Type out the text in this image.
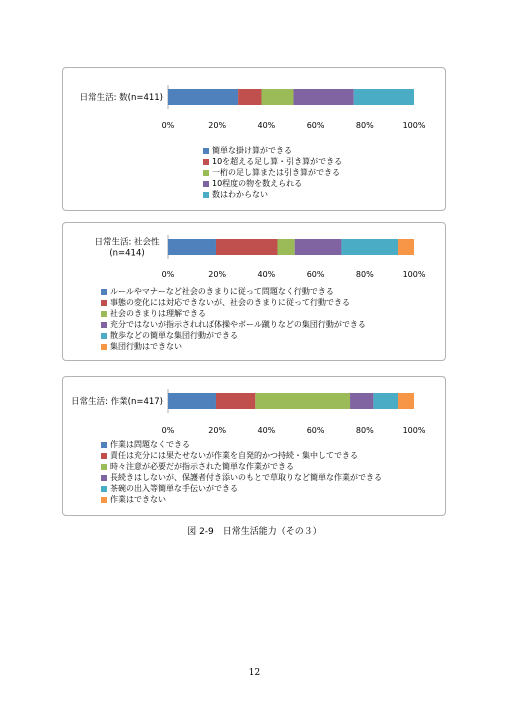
日常生活: 数(n=411)
0%	20%	40%	60%	80%	100%
簡単な掛け算ができる
10を超える足し算・引き算ができる
一桁の足し算または引き算ができる
10程度の物を数えられる
数はわからない
日常生活: 社会性
(n=414)
0%	20%	40%	60%	80%	100%
ルールやマナーなど社会のきまりに従って問題なく行動できる
事態の変化には対応できないが、社会のきまりに従って行動できる
社会のきまりは理解できる
充分ではないが指示されれば体操やボール蹴りなどの集団行動ができる
散歩などの簡単な集団行動ができる
集団行動はできない
日常生活: 作業(n=417)
0%	20%	40%	60%	80%	100%
作業は問題なくできる
責任は充分には果たせないが作業を自発的かつ持続・集中してできる
時々注意が必要だが指示された簡単な作業ができる
長続きはしないが、保護者付き添いのもとで草取りなど簡単な作業ができる
茶碗の出入等簡単な手伝いができる
作業はできない
図 2-9　日常生活能力（その３）
12
